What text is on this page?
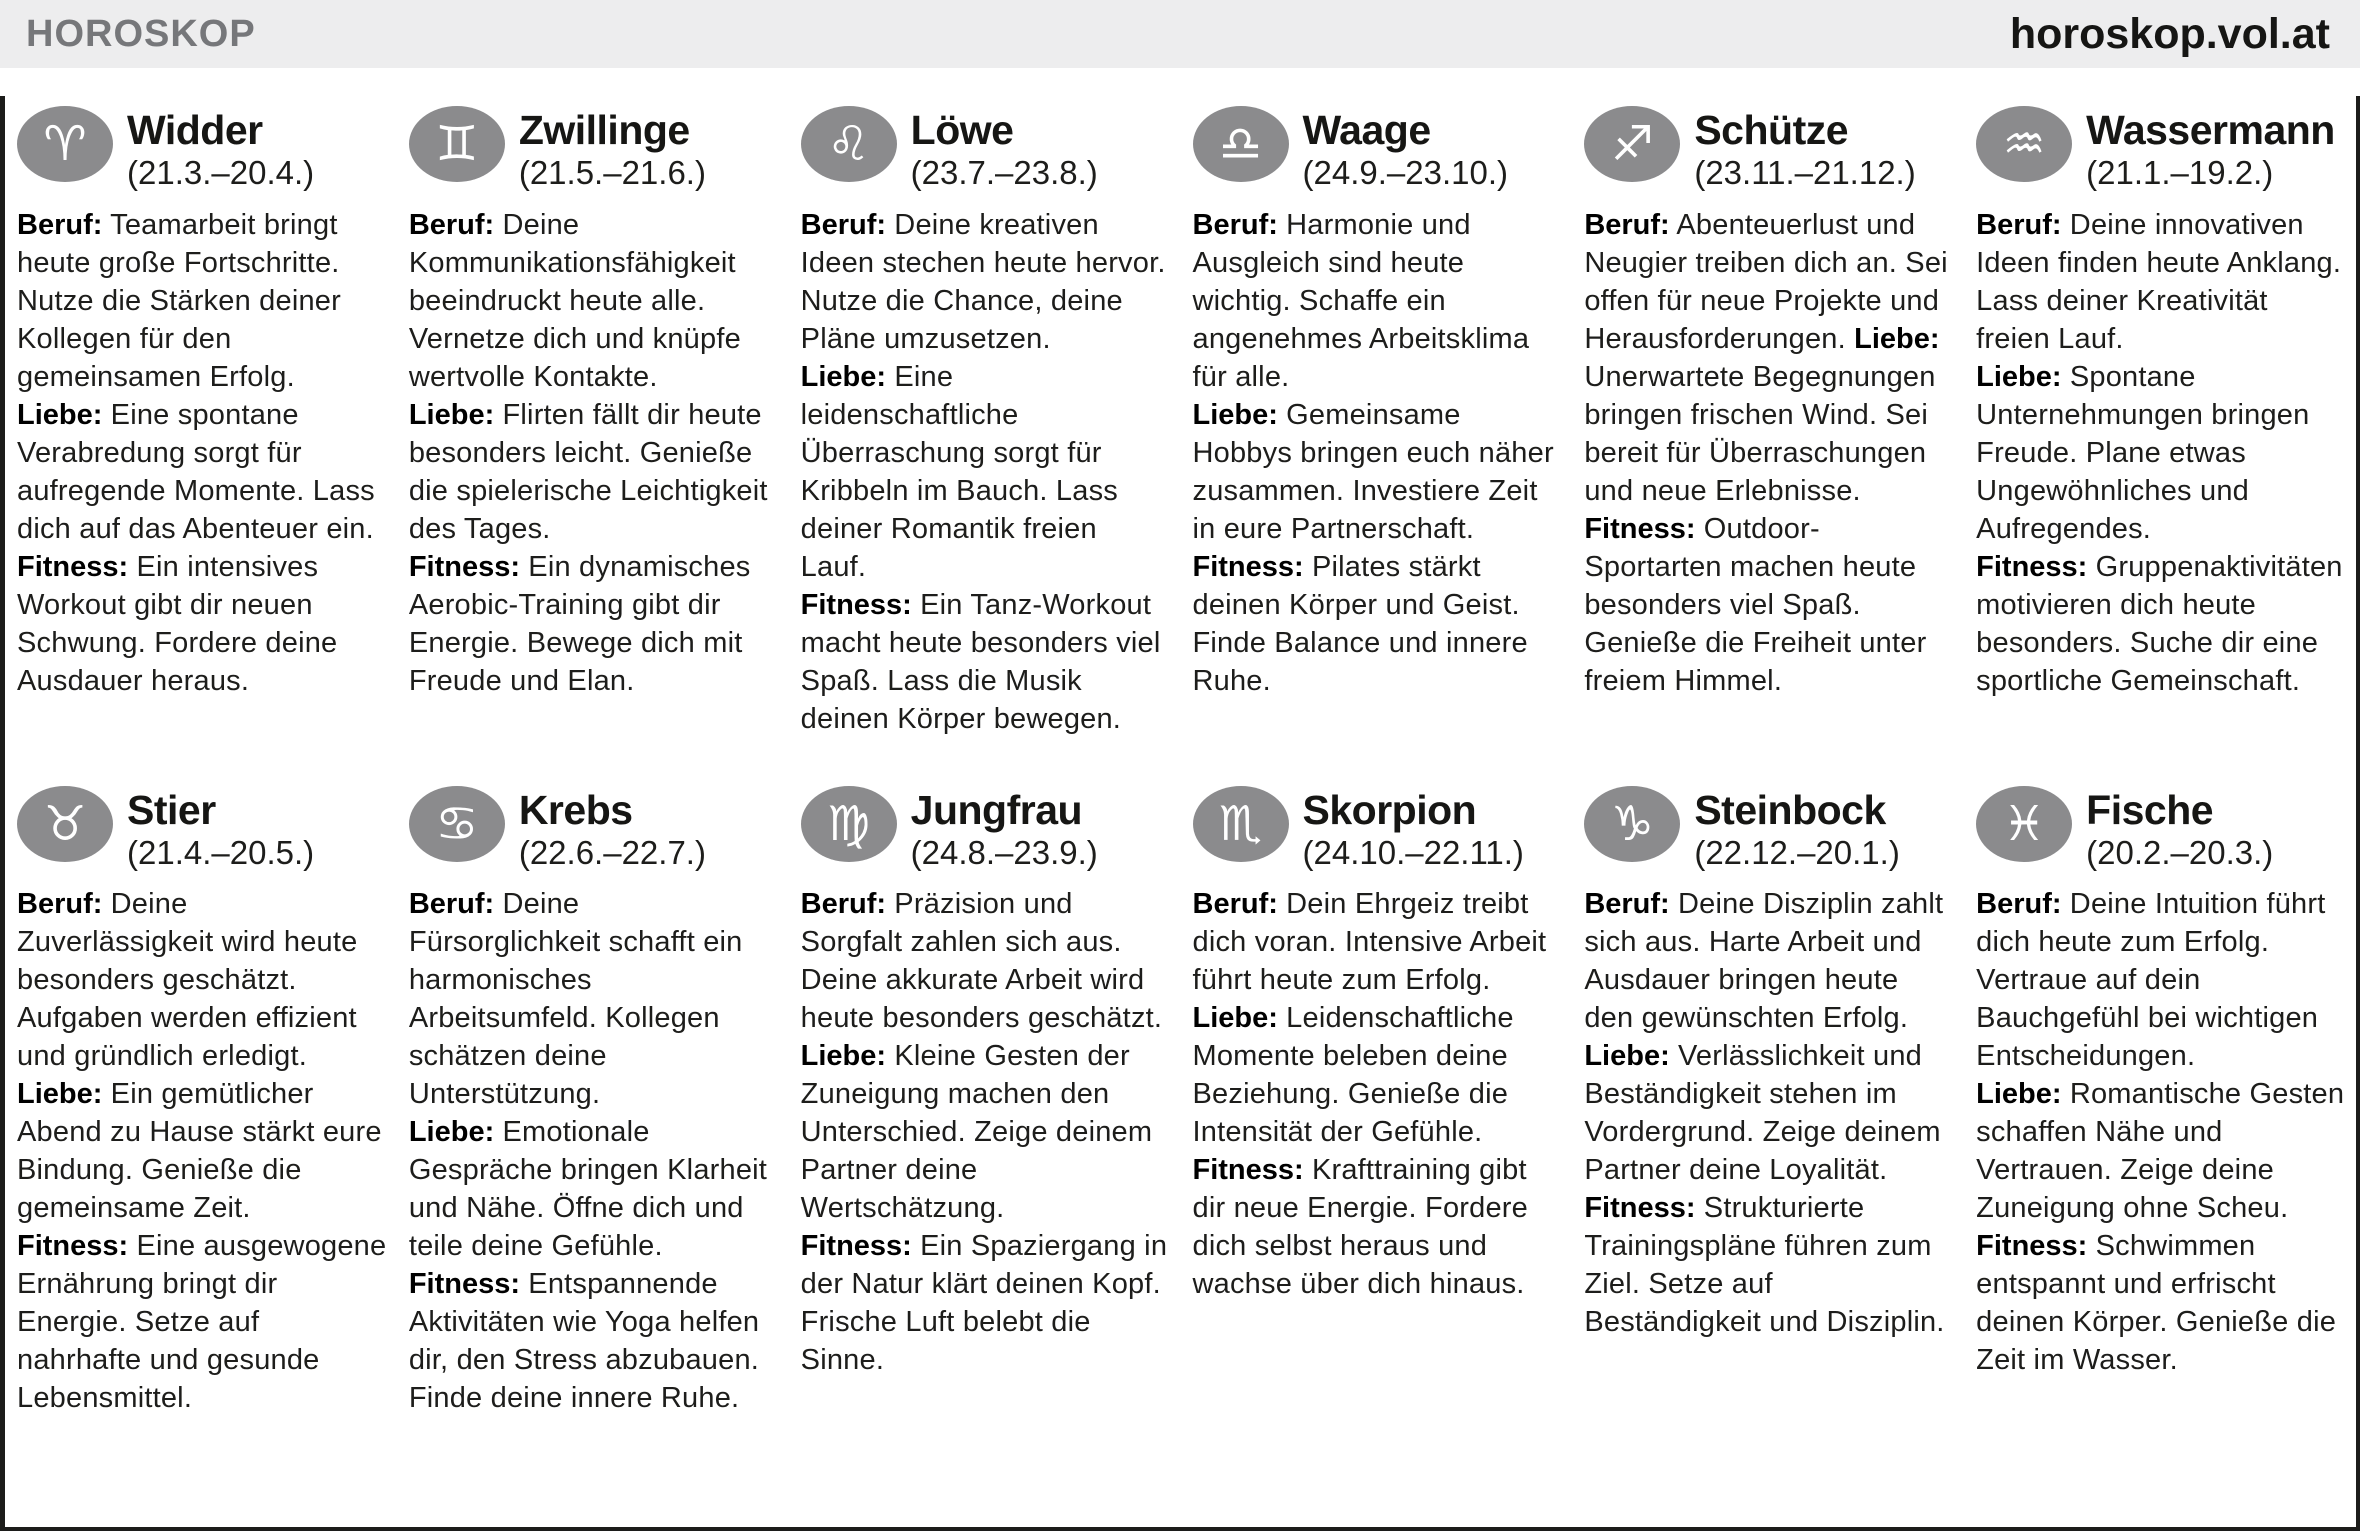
HOROSKOP	horoskop.vol.at
♈ Widder
(21.3.–20.4.)

Beruf: Teamarbeit bringt heute große Fortschritte. Nutze die Stärken deiner Kollegen für den gemeinsamen Erfolg.

Liebe: Eine spontane Verabredung sorgt für aufregende Momente. Lass dich auf das Abenteuer ein.

Fitness: Ein intensives Workout gibt dir neuen Schwung. Fordere deine Ausdauer heraus.

♊ Zwillinge
(21.5.–21.6.)

Beruf: Deine Kommunikationsfähigkeit beeindruckt heute alle. Vernetze dich und knüpfe wertvolle Kontakte.

Liebe: Flirten fällt dir heute besonders leicht. Genieße die spielerische Leichtigkeit des Tages.

Fitness: Ein dynamisches Aerobic-Training gibt dir Energie. Bewege dich mit Freude und Elan.

♌ Löwe
(23.7.–23.8.)

Beruf: Deine kreativen Ideen stechen heute hervor. Nutze die Chance, deine Pläne umzusetzen.

Liebe: Eine leidenschaftliche Überraschung sorgt für Kribbeln im Bauch. Lass deiner Romantik freien Lauf.

Fitness: Ein Tanz-Workout macht heute besonders viel Spaß. Lass die Musik deinen Körper bewegen.

♎ Waage
(24.9.–23.10.)

Beruf: Harmonie und Ausgleich sind heute wichtig. Schaffe ein angenehmes Arbeitsklima für alle.

Liebe: Gemeinsame Hobbys bringen euch näher zusammen. Investiere Zeit in eure Partnerschaft.

Fitness: Pilates stärkt deinen Körper und Geist. Finde Balance und innere Ruhe.

♐ Schütze
(23.11.–21.12.)

Beruf: Abenteuerlust und Neugier treiben dich an. Sei offen für neue Projekte und Herausforderungen. Liebe: Unerwartete Begegnungen bringen frischen Wind. Sei bereit für Überraschungen und neue Erlebnisse.

Fitness: Outdoor-Sportarten machen heute besonders viel Spaß. Genieße die Freiheit unter freiem Himmel.

♒ Wassermann
(21.1.–19.2.)

Beruf: Deine innovativen Ideen finden heute Anklang. Lass deiner Kreativität freien Lauf.

Liebe: Spontane Unternehmungen bringen Freude. Plane etwas Ungewöhnliches und Aufregendes.

Fitness: Gruppenaktivitäten motivieren dich heute besonders. Suche dir eine sportliche Gemeinschaft.

♉ Stier
(21.4.–20.5.)

Beruf: Deine Zuverlässigkeit wird heute besonders geschätzt. Aufgaben werden effizient und gründlich erledigt.

Liebe: Ein gemütlicher Abend zu Hause stärkt eure Bindung. Genieße die gemeinsame Zeit.

Fitness: Eine ausgewogene Ernährung bringt dir Energie. Setze auf nahrhafte und gesunde Lebensmittel.

♋ Krebs
(22.6.–22.7.)

Beruf: Deine Fürsorglichkeit schafft ein harmonisches Arbeitsumfeld. Kollegen schätzen deine Unterstützung.

Liebe: Emotionale Gespräche bringen Klarheit und Nähe. Öffne dich und teile deine Gefühle.

Fitness: Entspannende Aktivitäten wie Yoga helfen dir, den Stress abzubauen. Finde deine innere Ruhe.

♍ Jungfrau
(24.8.–23.9.)

Beruf: Präzision und Sorgfalt zahlen sich aus. Deine akkurate Arbeit wird heute besonders geschätzt.

Liebe: Kleine Gesten der Zuneigung machen den Unterschied. Zeige deinem Partner deine Wertschätzung.

Fitness: Ein Spaziergang in der Natur klärt deinen Kopf. Frische Luft belebt die Sinne.

♏ Skorpion
(24.10.–22.11.)

Beruf: Dein Ehrgeiz treibt dich voran. Intensive Arbeit führt heute zum Erfolg.

Liebe: Leidenschaftliche Momente beleben deine Beziehung. Genieße die Intensität der Gefühle.

Fitness: Krafttraining gibt dir neue Energie. Fordere dich selbst heraus und wachse über dich hinaus.

♑ Steinbock
(22.12.–20.1.)

Beruf: Deine Disziplin zahlt sich aus. Harte Arbeit und Ausdauer bringen heute den gewünschten Erfolg.

Liebe: Verlässlichkeit und Beständigkeit stehen im Vordergrund. Zeige deinem Partner deine Loyalität.

Fitness: Strukturierte Trainingspläne führen zum Ziel. Setze auf Beständigkeit und Disziplin.

♓ Fische
(20.2.–20.3.)

Beruf: Deine Intuition führt dich heute zum Erfolg. Vertraue auf dein Bauchgefühl bei wichtigen Entscheidungen.

Liebe: Romantische Gesten schaffen Nähe und Vertrauen. Zeige deine Zuneigung ohne Scheu.

Fitness: Schwimmen entspannt und erfrischt deinen Körper. Genieße die Zeit im Wasser.
